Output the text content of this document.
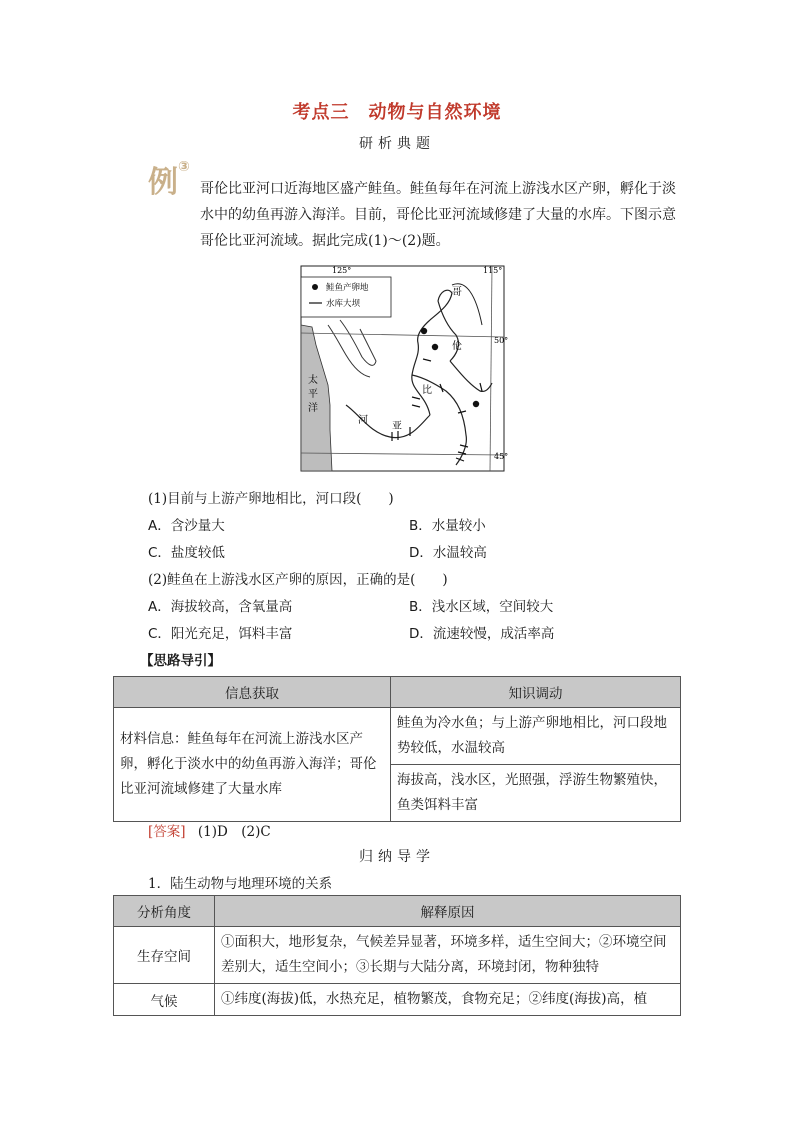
考点三　动物与自然环境
研析典题
例③
哥伦比亚河口近海地区盛产鲑鱼。鲑鱼每年在河流上游浅水区产卵，孵化于淡水中的幼鱼再游入海洋。目前，哥伦比亚河流域修建了大量的水库。下图示意哥伦比亚河流域。据此完成(1)～(2)题。
鲑鱼产卵地
水库大坝
125°	115°
50°
45°
太
平
洋
哥
伦
比
亚
河
(1)目前与上游产卵地相比，河口段(　　)
A．含沙量大	B．水量较小
C．盐度较低	D．水温较高
(2)鲑鱼在上游浅水区产卵的原因，正确的是(　　)
A．海拔较高，含氧量高	B．浅水区域，空间较大
C．阳光充足，饵料丰富	D．流速较慢，成活率高
【思路导引】
信息获取	知识调动
材料信息：鲑鱼每年在河流上游浅水区产卵，孵化于淡水中的幼鱼再游入海洋；哥伦比亚河流域修建了大量水库	鲑鱼为冷水鱼；与上游产卵地相比，河口段地势较低，水温较高
	海拔高，浅水区，光照强，浮游生物繁殖快，鱼类饵料丰富
[答案] (1)D　(2)C
归纳导学
1．陆生动物与地理环境的关系
分析角度	解释原因
生存空间	①面积大，地形复杂，气候差异显著，环境多样，适生空间大；②环境空间差别大，适生空间小；③长期与大陆分离，环境封闭，物种独特
气候	①纬度(海拔)低，水热充足，植物繁茂，食物充足；②纬度(海拔)高，植
